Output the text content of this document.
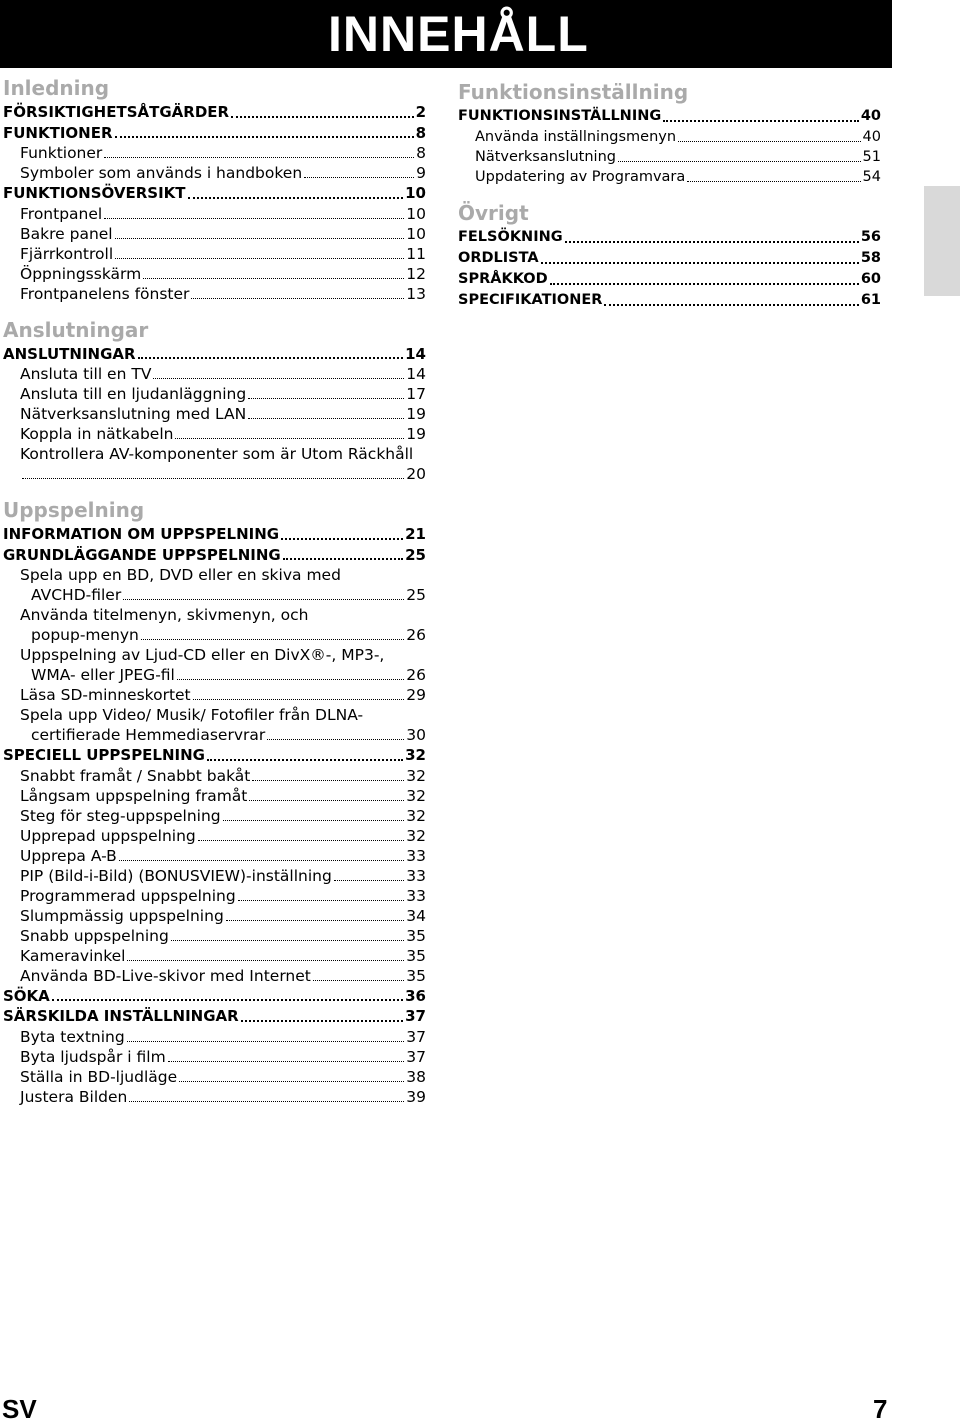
INNEHÅLL
Inledning
FÖRSIKTIGHETSÅTGÄRDER	2
FUNKTIONER	8
Funktioner	8
Symboler som används i handboken	9
FUNKTIONSÖVERSIKT	10
Frontpanel	10
Bakre panel	10
Fjärrkontroll	11
Öppningsskärm	12
Frontpanelens fönster	13
Anslutningar
ANSLUTNINGAR	14
Ansluta till en TV	14
Ansluta till en ljudanläggning	17
Nätverksanslutning med LAN	19
Koppla in nätkabeln	19
Kontrollera AV-komponenter som är Utom Räckhåll
20
Uppspelning
INFORMATION OM UPPSPELNING	21
GRUNDLÄGGANDE UPPSPELNING	25
Spela upp en BD, DVD eller en skiva med
AVCHD-filer	25
Använda titelmenyn, skivmenyn, och
popup-menyn	26
Uppspelning av Ljud-CD eller en DivX®-, MP3-,
WMA- eller JPEG-fil	26
Läsa SD-minneskortet	29
Spela upp Video/ Musik/ Fotofiler från DLNA-
certifierade Hemmediaservrar	30
SPECIELL UPPSPELNING	32
Snabbt framåt / Snabbt bakåt	32
Långsam uppspelning framåt	32
Steg för steg-uppspelning	32
Upprepad uppspelning	32
Upprepa A-B	33
PIP (Bild-i-Bild) (BONUSVIEW)-inställning	33
Programmerad uppspelning	33
Slumpmässig uppspelning	34
Snabb uppspelning	35
Kameravinkel	35
Använda BD-Live-skivor med Internet	35
SÖKA	36
SÄRSKILDA INSTÄLLNINGAR	37
Byta textning	37
Byta ljudspår i film	37
Ställa in BD-ljudläge	38
Justera Bilden	39
Funktionsinställning
FUNKTIONSINSTÄLLNING	40
Använda inställningsmenyn	40
Nätverksanslutning	51
Uppdatering av Programvara	54
Övrigt
FELSÖKNING	56
ORDLISTA	58
SPRÅKKOD	60
SPECIFIKATIONER	61

SV	7
